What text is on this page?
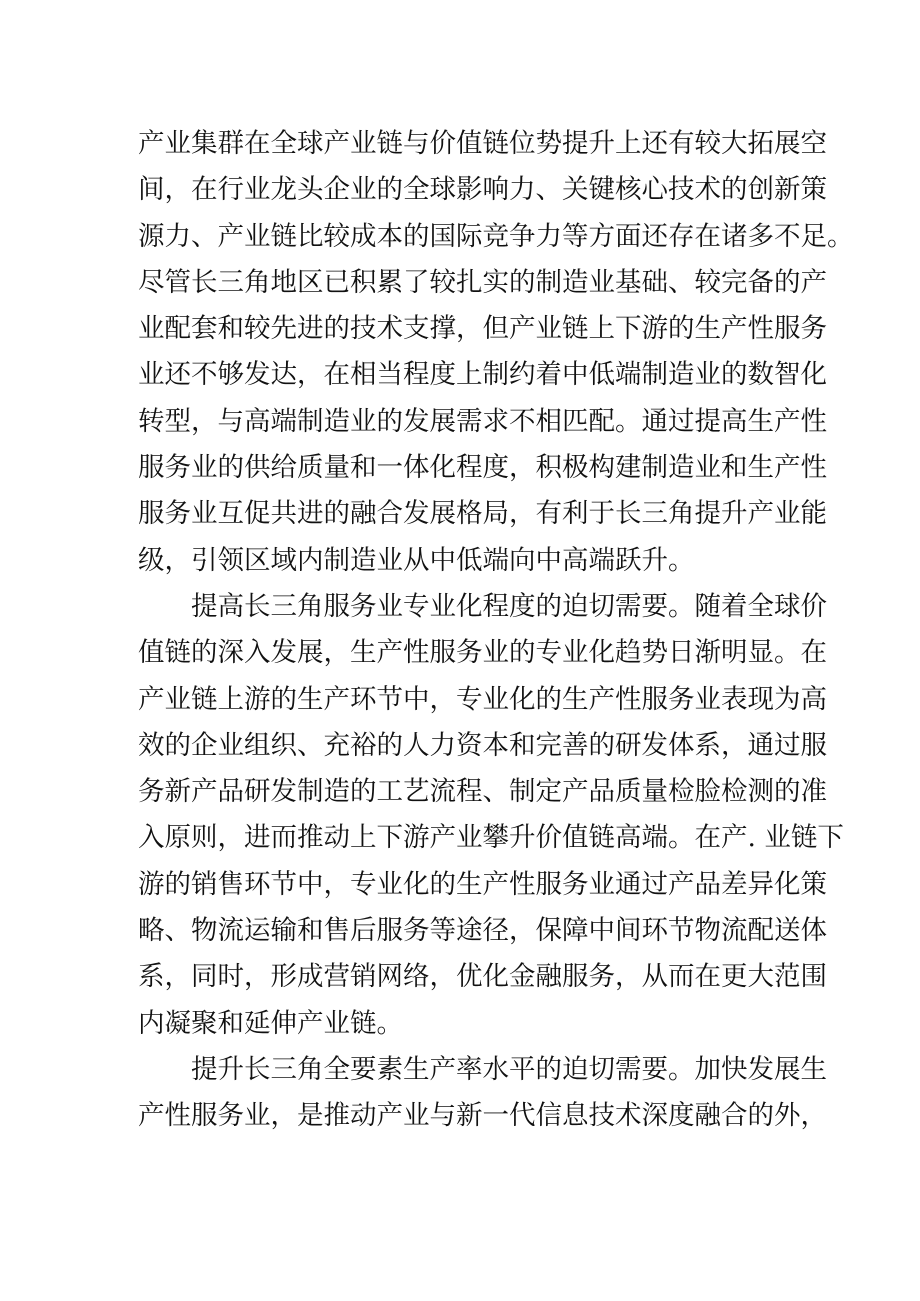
产业集群在全球产业链与价值链位势提升上还有较大拓展空
间，在行业龙头企业的全球影响力、关键核心技术的创新策
源力、产业链比较成本的国际竞争力等方面还存在诸多不足。
尽管长三角地区已积累了较扎实的制造业基础、较完备的产
业配套和较先进的技术支撑，但产业链上下游的生产性服务
业还不够发达，在相当程度上制约着中低端制造业的数智化
转型，与高端制造业的发展需求不相匹配。通过提高生产性
服务业的供给质量和一体化程度，积极构建制造业和生产性
服务业互促共进的融合发展格局，有利于长三角提升产业能
级，引领区域内制造业从中低端向中高端跃升。
提高长三角服务业专业化程度的迫切需要。随着全球价
值链的深入发展，生产性服务业的专业化趋势日渐明显。在
产业链上游的生产环节中，专业化的生产性服务业表现为高
效的企业组织、充裕的人力资本和完善的研发体系，通过服
务新产品研发制造的工艺流程、制定产品质量检脸检测的准
入原则，进而推动上下游产业攀升价值链高端。在产. 业链下
游的销售环节中，专业化的生产性服务业通过产品差异化策
略、物流运输和售后服务等途径，保障中间环节物流配送体
系，同时，形成营销网络，优化金融服务，从而在更大范围
内凝聚和延伸产业链。
提升长三角全要素生产率水平的迫切需要。加快发展生
产性服务业，是推动产业与新一代信息技术深度融合的外，
